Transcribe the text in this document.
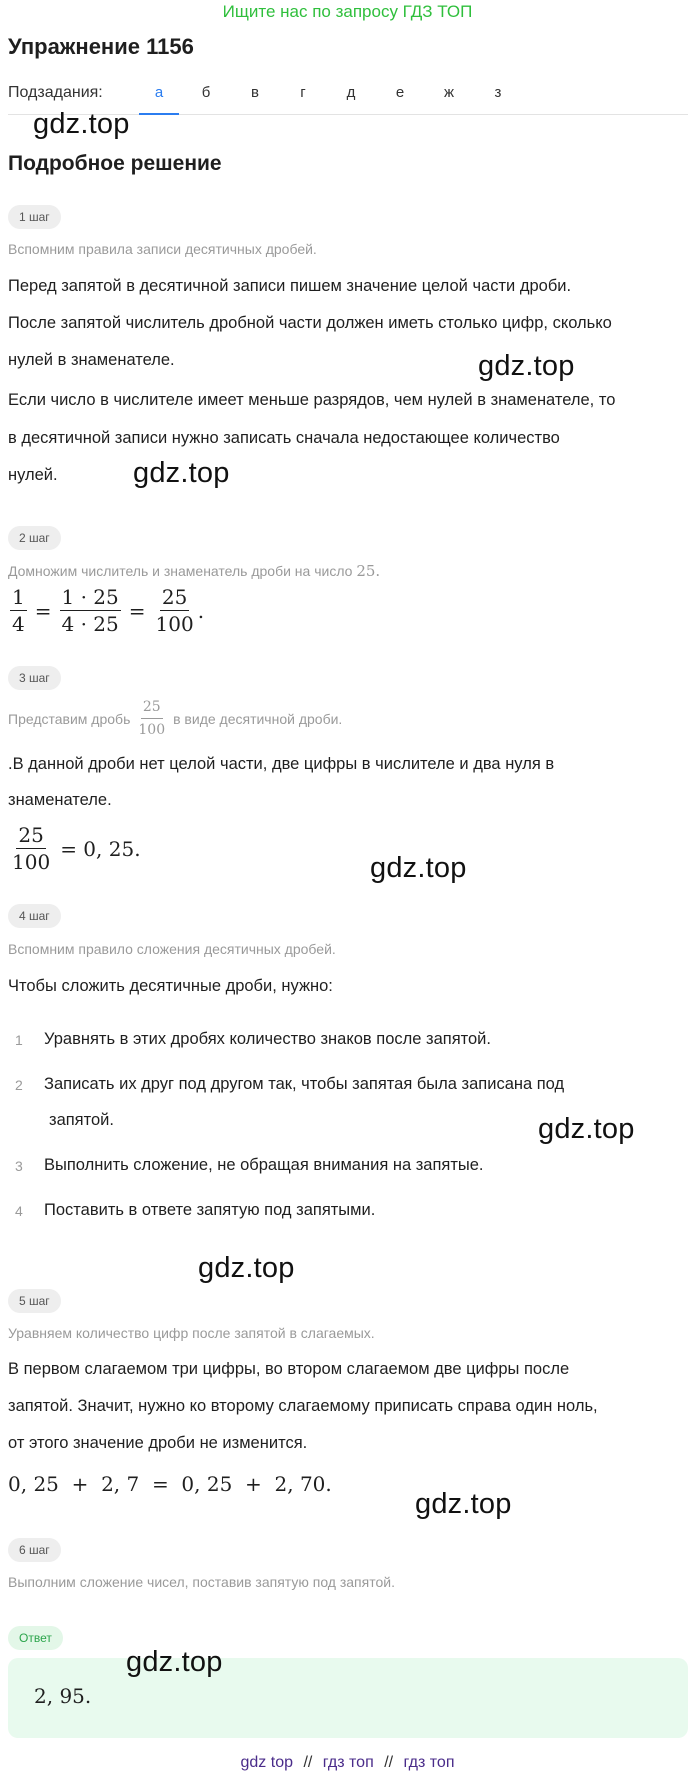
Ищите нас по запросу ГДЗ ТОП
Упражнение 1156
Подзадания:	а	б	в	г	д	е	ж	з
gdz.top
Подробное решение
1 шаг
Вспомним правила записи десятичных дробей.
Перед запятой в десятичной записи пишем значение целой части дроби.
После запятой числитель дробной части должен иметь столько цифр, сколько
нулей в знаменателе.	gdz.top
Если число в числителе имеет меньше разрядов, чем нулей в знаменателе, то
в десятичной записи нужно записать сначала недостающее количество
нулей.	gdz.top
2 шаг
Домножим числитель и знаменатель дроби на число 25.
$\frac{1}{4} = \frac{1 \cdot 25}{4 \cdot 25} = \frac{25}{100}$ .
3 шаг
Представим дробь $\frac{25}{100}$ в виде десятичной дроби.
.В данной дроби нет целой части, две цифры в числителе и два нуля в
знаменателе.
$\frac{25}{100} = 0$, 25.
gdz.top
4 шаг
Вспомним правило сложения десятичных дробей.
Чтобы сложить десятичные дроби, нужно:
1 Уравнять в этих дробях количество знаков после запятой.
2 Записать их друг под другом так, чтобы запятая была записана под
запятой.	gdz.top
3 Выполнить сложение, не обращая внимания на запятые.
4 Поставить в ответе запятую под запятыми.
gdz.top
5 шаг
Уравняем количество цифр после запятой в слагаемых.
В первом слагаемом три цифры, во втором слагаемом две цифры после
запятой. Значит, нужно ко второму слагаемому приписать справа один ноль,
от этого значение дроби не изменится.
0, 25  +  2, 7  =  0, 25  +  2, 70.
gdz.top
6 шаг
Выполним сложение чисел, поставив запятую под запятой.
Ответ
2, 95.
gdz.top
gdz top // гдз топ // гдз топ
